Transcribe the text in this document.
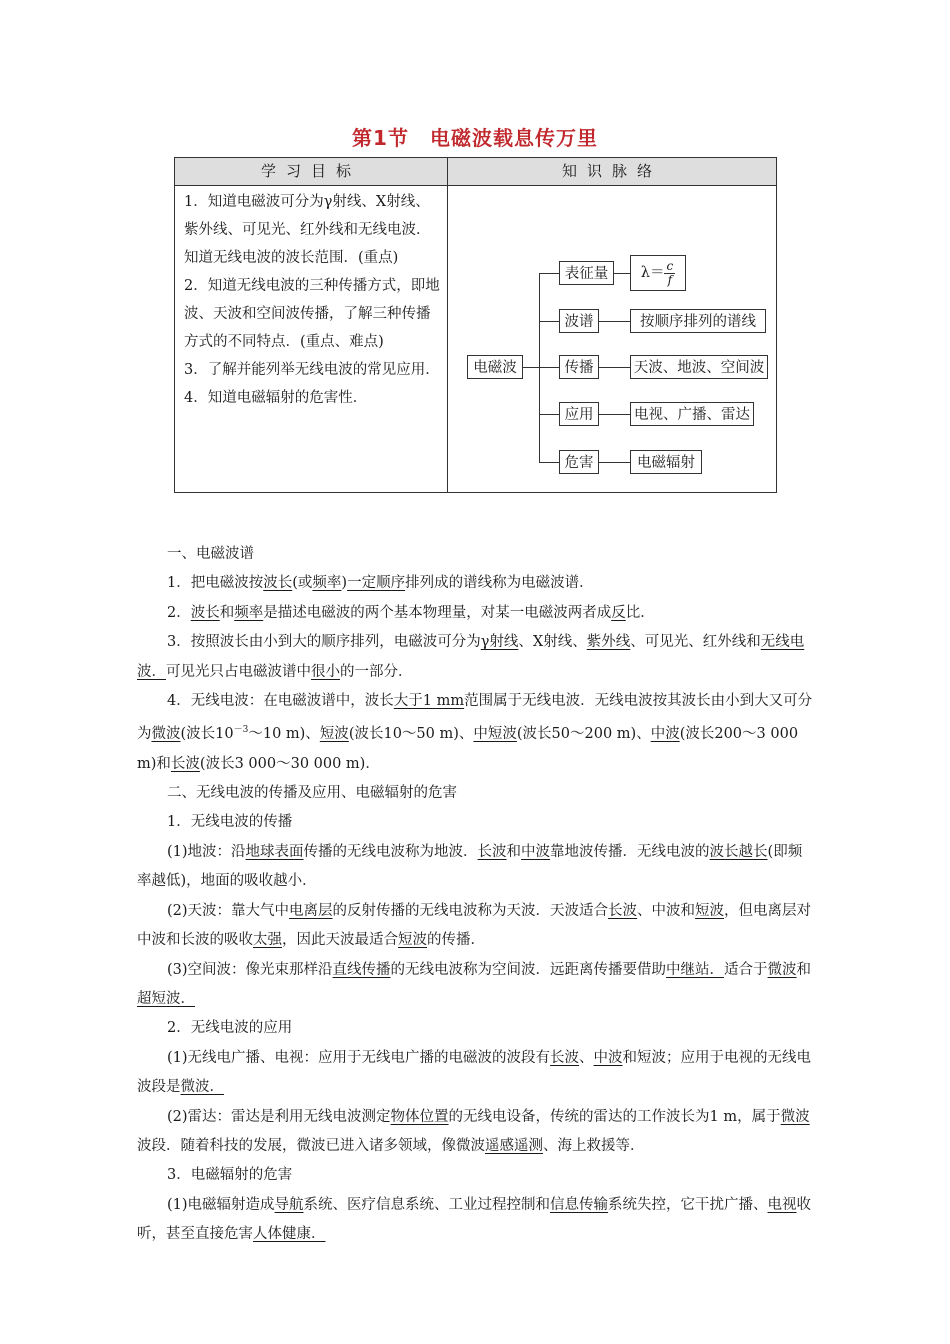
第1节　电磁波载息传万里
学习目标	知识脉络

1．知道电磁波可分为γ射线、X射线、紫外线、可见光、红外线和无线电波．知道无线电波的波长范围．(重点)

2．知道无线电波的三种传播方式，即地波、天波和空间波传播，了解三种传播方式的不同特点．(重点、难点)

3．了解并能列举无线电波的常见应用．

4．知道电磁辐射的危害性．

电磁波
表征量	$\lambda= \frac{c}{f}$
波谱	按顺序排列的谱线
传播	天波、地波、空间波
应用	电视、广播、雷达
危害	电磁辐射

一、电磁波谱

1．把电磁波按波长(或频率)一定顺序排列成的谱线称为电磁波谱．

2．波长和频率是描述电磁波的两个基本物理量，对某一电磁波两者成反比．

3．按照波长由小到大的顺序排列，电磁波可分为γ射线、X射线、紫外线、可见光、红外线和无线电波．可见光只占电磁波谱中很小的一部分．

4．无线电波：在电磁波谱中，波长大于1 mm范围属于无线电波．无线电波按其波长由小到大又可分为微波(波长$10^{-3}\sim 10$ m)、短波(波长10～50 m)、中短波(波长50～200 m)、中波(波长200～3 000 m)和长波(波长3 000～30 000 m)．

二、无线电波的传播及应用、电磁辐射的危害

1．无线电波的传播

(1)地波：沿地球表面传播的无线电波称为地波．长波和中波靠地波传播．无线电波的波长越长(即频率越低)，地面的吸收越小．

(2)天波：靠大气中电离层的反射传播的无线电波称为天波．天波适合长波、中波和短波，但电离层对中波和长波的吸收太强，因此天波最适合短波的传播．

(3)空间波：像光束那样沿直线传播的无线电波称为空间波．远距离传播要借助中继站．适合于微波和超短波．

2．无线电波的应用

(1)无线电广播、电视：应用于无线电广播的电磁波的波段有长波、中波和短波；应用于电视的无线电波段是微波．

(2)雷达：雷达是利用无线电波测定物体位置的无线电设备，传统的雷达的工作波长为1 m，属于微波波段．随着科技的发展，微波已进入诸多领域，像微波遥感遥测、海上救援等．

3．电磁辐射的危害

(1)电磁辐射造成导航系统、医疗信息系统、工业过程控制和信息传输系统失控，它干扰广播、电视收听，甚至直接危害人体健康．
